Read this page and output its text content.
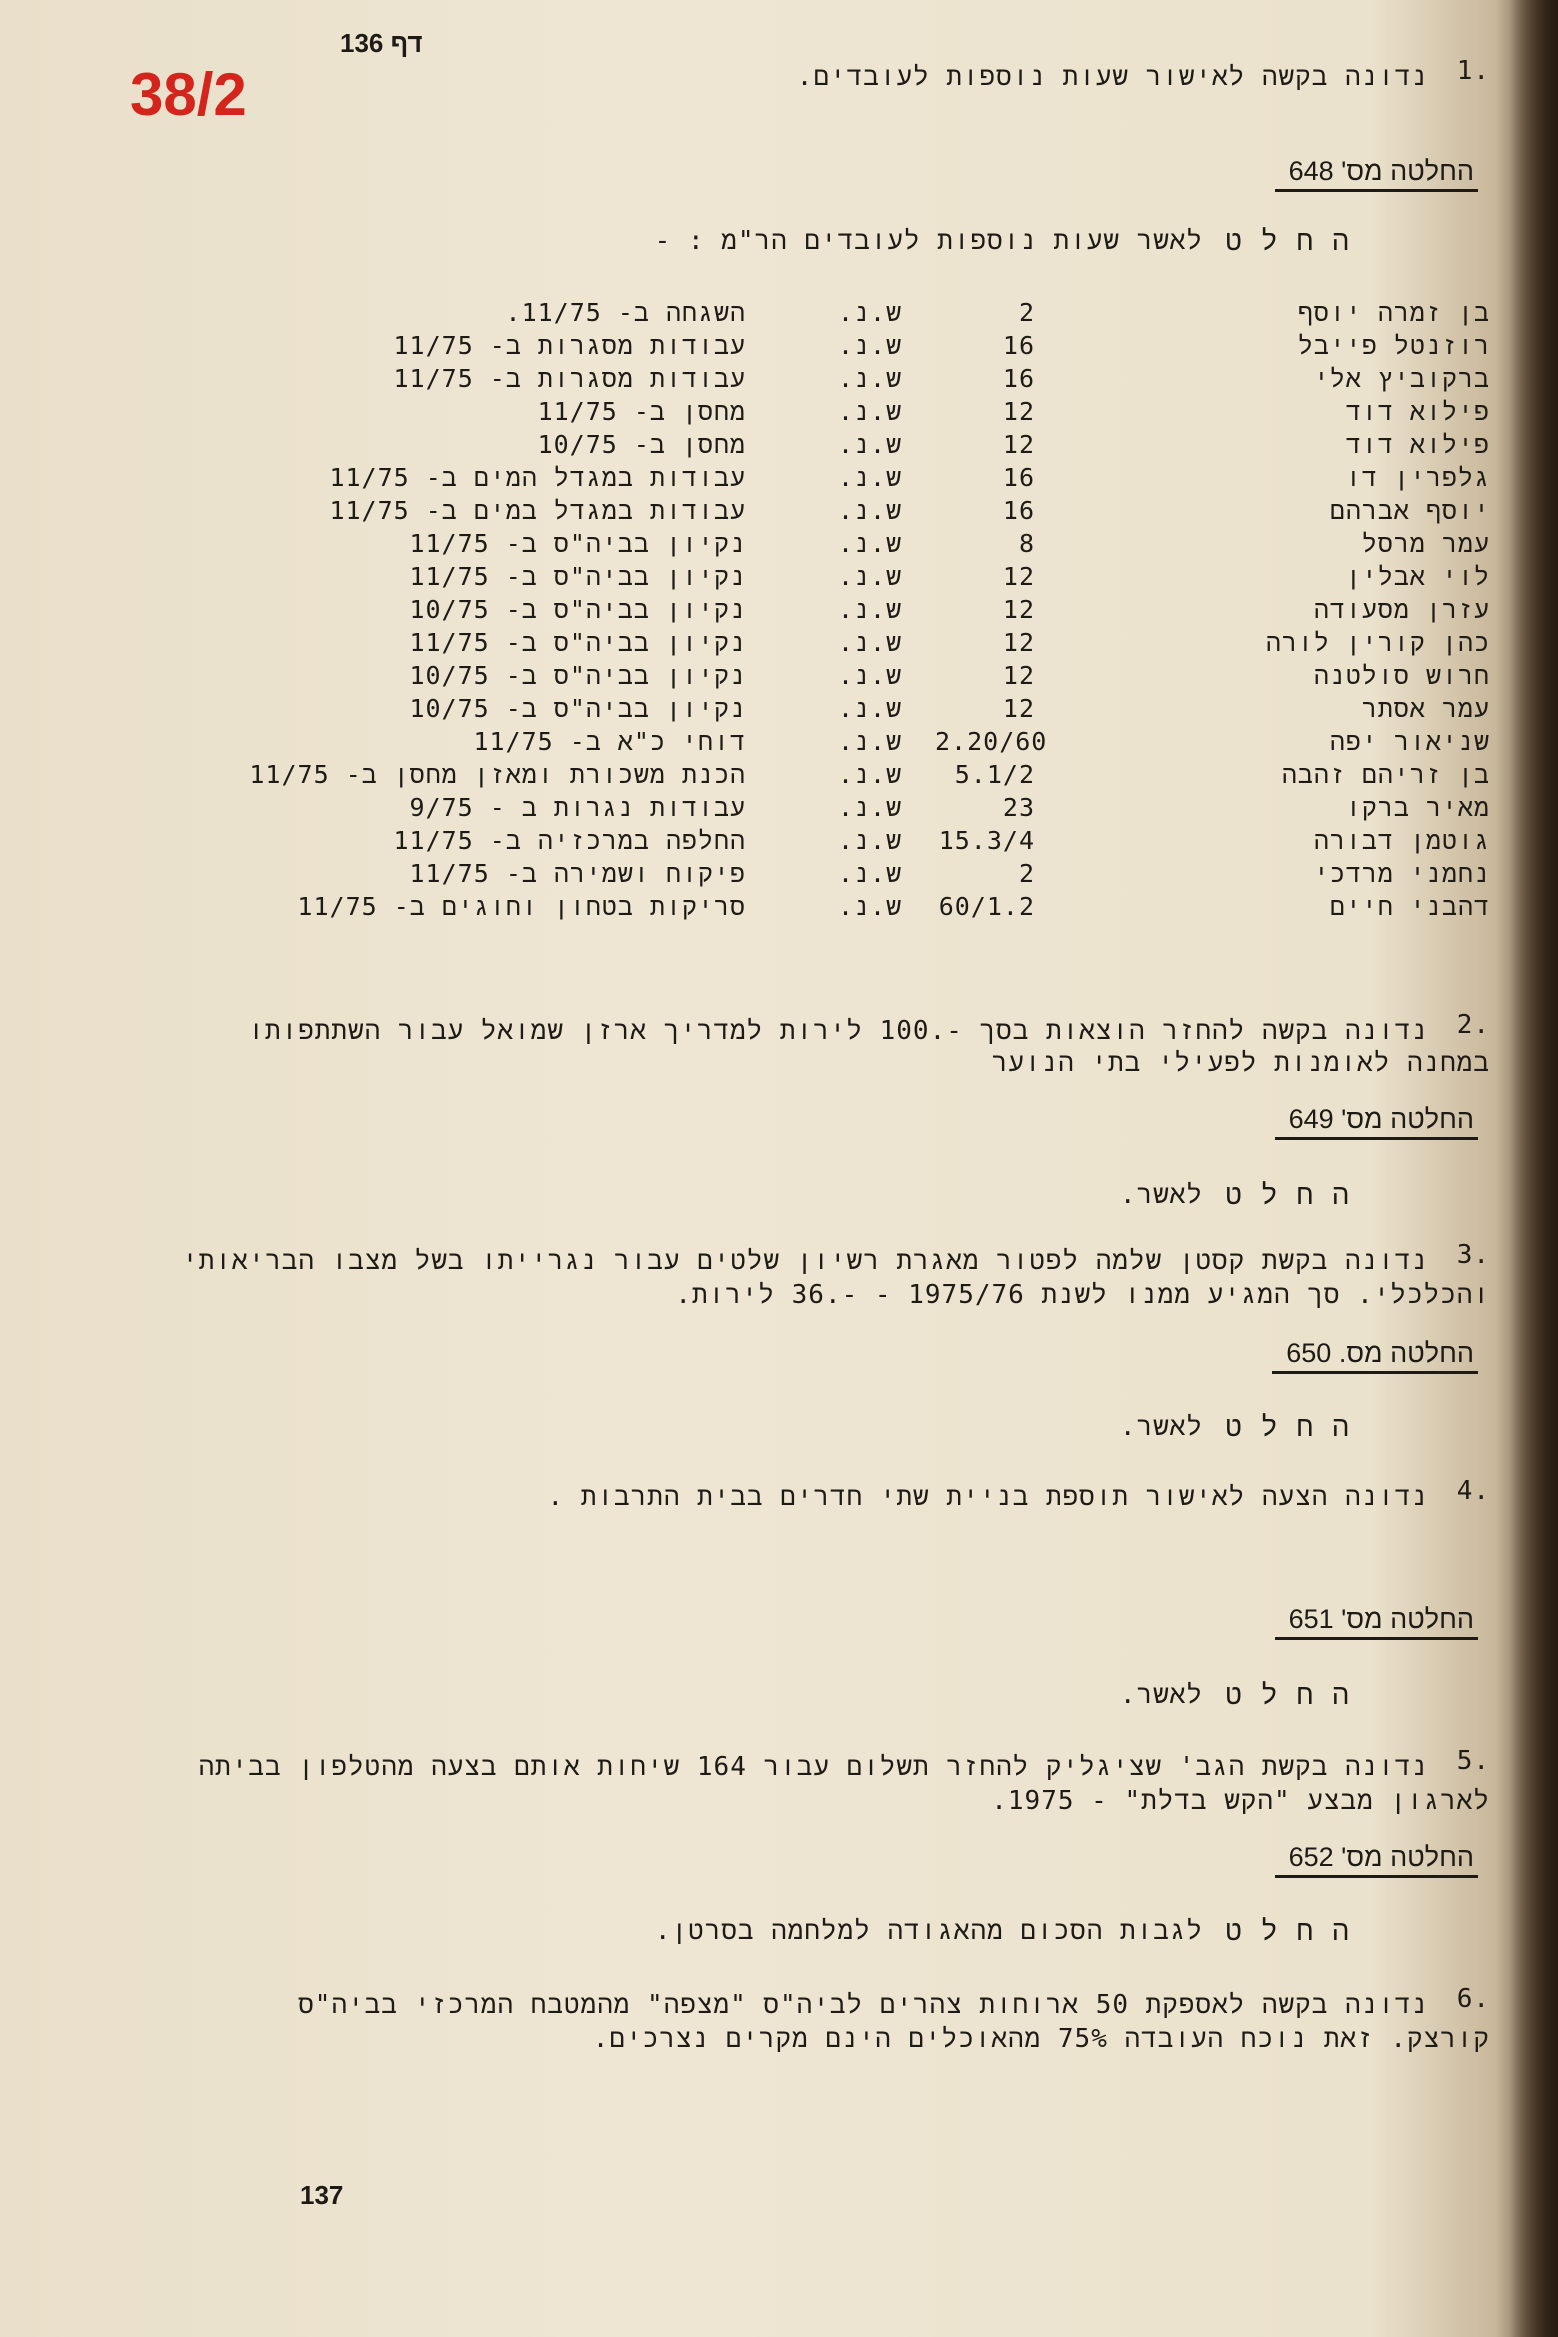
38/2
דף 136
.1
נדונה בקשה לאישור שעות נוספות לעובדים.
החלטה מס' 648
ה ח ל ט
לאשר שעות נוספות לעובדים הר"מ : -
בן זמרה יוסף
2
ש.נ.
השגחה ב- 11/75.
רוזנטל פייבל
16
ש.נ.
עבודות מסגרות ב- 11/75
ברקוביץ אלי
16
ש.נ.
עבודות מסגרות ב- 11/75
פילוא דוד
12
ש.נ.
מחסן ב- 11/75
פילוא דוד
12
ש.נ.
מחסן ב- 10/75
גלפרין דו
16
ש.נ.
עבודות במגדל המים ב- 11/75
יוסף אברהם
16
ש.נ.
עבודות במגדל במים ב- 11/75
עמר מרסל
8
ש.נ.
נקיון בביה"ס ב- 11/75
לוי אבלין
12
ש.נ.
נקיון בביה"ס ב- 11/75
עזרן מסעודה
12
ש.נ.
נקיון בביה"ס ב- 10/75
כהן קורין לורה
12
ש.נ.
נקיון בביה"ס ב- 11/75
חרוש סולטנה
12
ש.נ.
נקיון בביה"ס ב- 10/75
עמר אסתר
12
ש.נ.
נקיון בביה"ס ב- 10/75
שניאור יפה
2.20/60
ש.נ.
דוחי כ"א ב- 11/75
בן זריהם זהבה
5.1/2
ש.נ.
הכנת משכורת ומאזן מחסן ב- 11/75
מאיר ברקו
23
ש.נ.
עבודות נגרות ב - 9/75
גוטמן דבורה
15.3/4
ש.נ.
החלפה במרכזיה ב- 11/75
נחמני מרדכי
2
ש.נ.
פיקוח ושמירה ב- 11/75
דהבני חיים
60/1.2
ש.נ.
סריקות בטחון וחוגים ב- 11/75
.2
נדונה בקשה להחזר הוצאות בסך -.100 לירות למדריך ארזן שמואל עבור השתתפותו
במחנה לאומנות לפעילי בתי הנוער
החלטה מס' 649
ה ח ל ט
לאשר.
.3
נדונה בקשת קסטן שלמה לפטור מאגרת רשיון שלטים עבור נגרייתו בשל מצבו הבריאותי
והכלכלי. סך המגיע ממנו לשנת 1975/76 - -.36 לירות.
החלטה מס. 650
ה ח ל ט
לאשר.
.4
נדונה הצעה לאישור תוספת בניית שתי חדרים בבית התרבות .
החלטה מס' 651
ה ח ל ט
לאשר.
.5
נדונה בקשת הגב' שציגליק להחזר תשלום עבור 164 שיחות אותם בצעה מהטלפון בביתה
לארגון מבצע "הקש בדלת" - 1975.
החלטה מס' 652
ה ח ל ט
לגבות הסכום מהאגודה למלחמה בסרטן.
.6
נדונה בקשה לאספקת 50 ארוחות צהרים לביה"ס "מצפה" מהמטבח המרכזי בביה"ס
קורצק. זאת נוכח העובדה 75% מהאוכלים הינם מקרים נצרכים.
137
